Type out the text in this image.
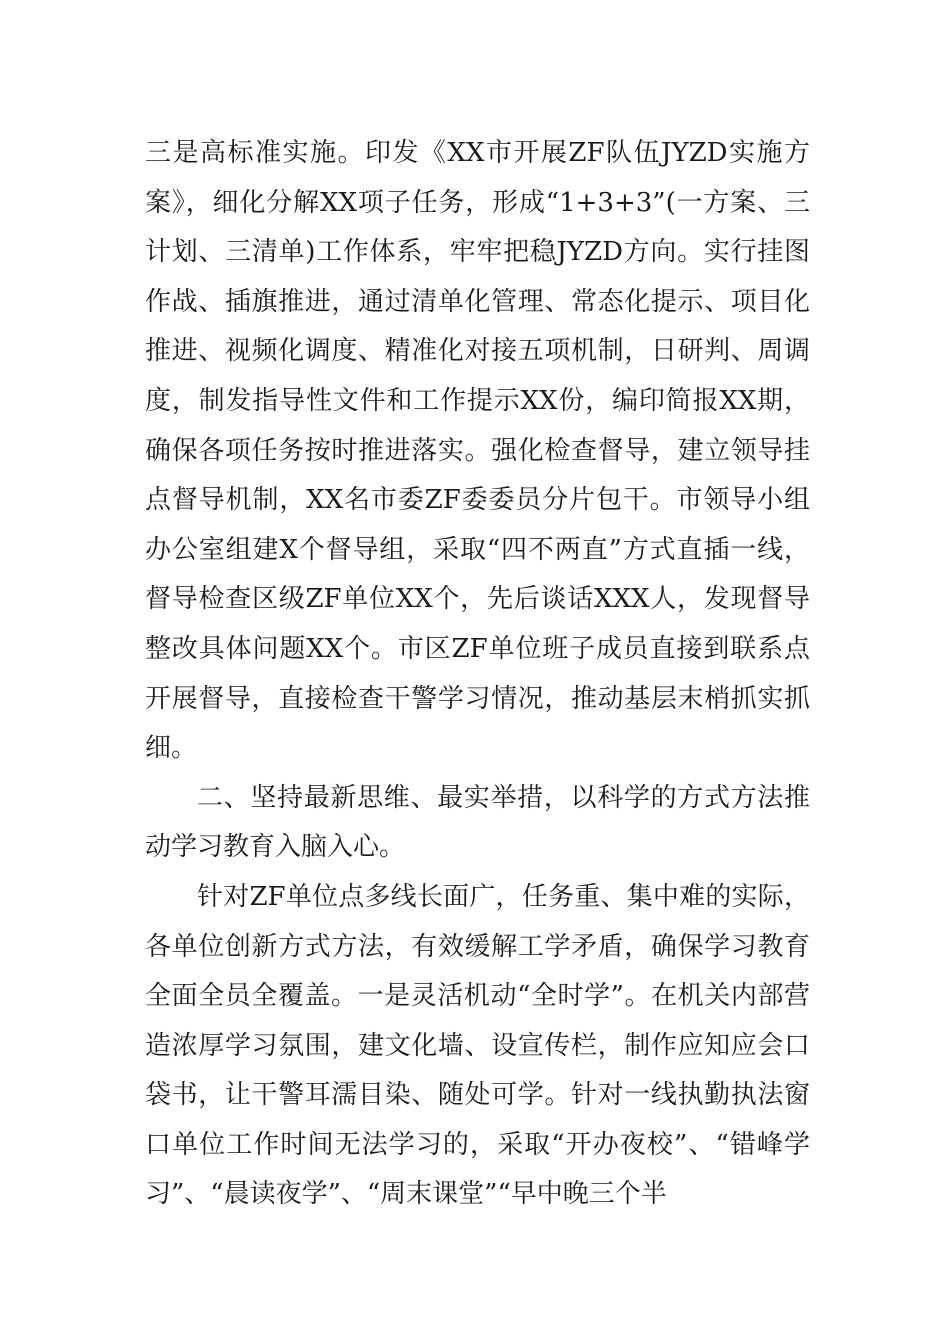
三是高标准实施。印发《XX市开展ZF队伍JYZD实施方案》，细化分解XX项子任务，形成“1+3+3”(一方案、三计划、三清单)工作体系，牢牢把稳JYZD方向。实行挂图作战、插旗推进，通过清单化管理、常态化提示、项目化推进、视频化调度、精准化对接五项机制，日研判、周调度，制发指导性文件和工作提示XX份，编印简报XX期，确保各项任务按时推进落实。强化检查督导，建立领导挂点督导机制，XX名市委ZF委委员分片包干。市领导小组办公室组建X个督导组，采取“四不两直”方式直插一线，督导检查区级ZF单位XX个，先后谈话XXX人，发现督导整改具体问题XX个。市区ZF单位班子成员直接到联系点开展督导，直接检查干警学习情况，推动基层末梢抓实抓细。

二、坚持最新思维、最实举措，以科学的方式方法推动学习教育入脑入心。

针对ZF单位点多线长面广，任务重、集中难的实际，各单位创新方式方法，有效缓解工学矛盾，确保学习教育全面全员全覆盖。一是灵活机动“全时学”。在机关内部营造浓厚学习氛围，建文化墙、设宣传栏，制作应知应会口袋书，让干警耳濡目染、随处可学。针对一线执勤执法窗口单位工作时间无法学习的，采取“开办夜校”、“错峰学习”、“晨读夜学”、“周末课堂”“早中晚三个半
